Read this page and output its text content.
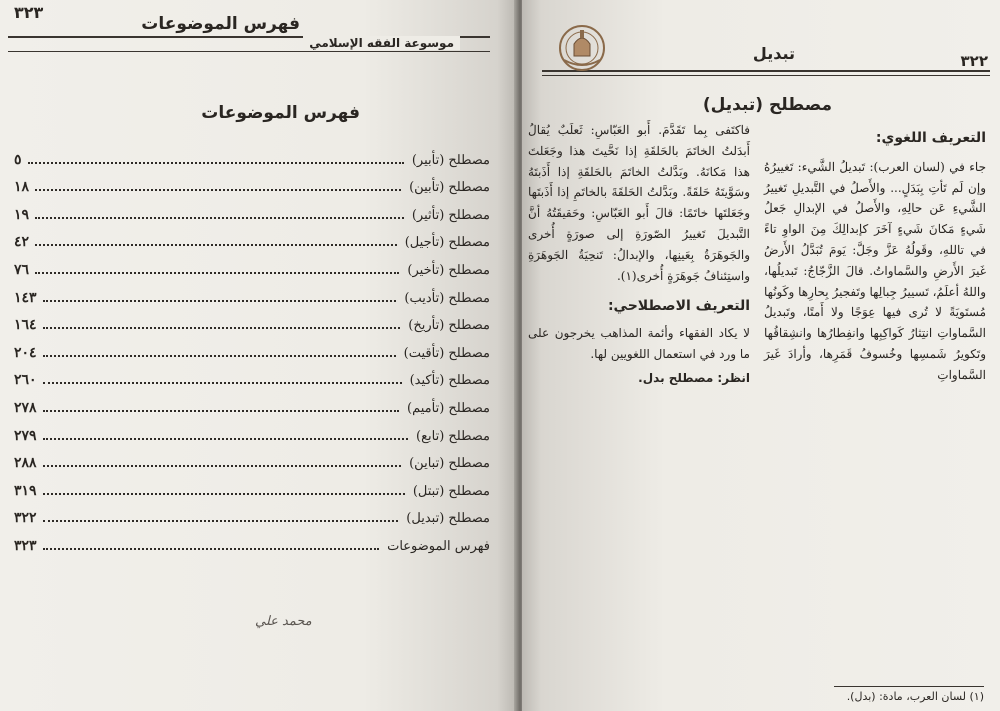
٣٢٣
فهرس الموضوعات
موسوعة الفقه الإسلامي
فهرس الموضوعات
مصطلح (تأبير)
٥
مصطلح (تأبين)
١٨
مصطلح (تأثير)
١٩
مصطلح (تأجيل)
٤٢
مصطلح (تأخير)
٧٦
مصطلح (تأديب)
١٤٣
مصطلح (تأريخ)
١٦٤
مصطلح (تأقيت)
٢٠٤
مصطلح (تأكيد)
٢٦٠
مصطلح (تأميم)
٢٧٨
مصطلح (تابع)
٢٧٩
مصطلح (تباين)
٢٨٨
مصطلح (تبتل)
٣١٩
مصطلح (تبديل)
٣٢٢
فهرس الموضوعات
٣٢٣
محمد علي
٣٢٢
تبديل
مصطلح (تبديل)
التعريف اللغوي:

جاء في (لسان العرب): تَبديلُ الشَّيء: تَغييرُهُ وإن لَم تَأتِ بِبَدَلٍ... والأَصلُ في التَّبديلِ تَغييرُ الشَّيءِ عَن حالِهِ، والأَصلُ في الإبدالِ جَعلُ شَيءٍ مَكانَ شَيءٍ آخَرَ كإبدالِكَ مِنَ الواوِ تاءً في تاللهِ، وقَولُهُ عَزَّ وجَلَّ: يَومَ تُبَدَّلُ الأَرضُ غَيرَ الأَرضِ والسَّماواتُ. قالَ الزَّجّاجُ: تَبديلُها، واللهُ أعلَمُ، تَسييرُ جِبالِها وتَفجيرُ بِحارِها وكَونُها مُستَويَةً لا تُرى فيها عِوَجًا ولا أَمتًا، وتَبديلُ السَّماواتِ انتِثارُ كَواكِبِها وانفِطارُها وانشِقاقُها وتَكويرُ شَمسِها وخُسوفُ قَمَرِها، وأرادَ غَيرَ السَّماواتِ

فاكتَفى بِما تَقَدَّمَ. أَبو العَبّاسِ: ثَعلَبٌ يُقالُ أَبدَلتُ الخاتَمَ بالحَلقَةِ إذا نَحَّيتَ هذا وجَعَلتَ هذا مَكانَهُ. وبَدَّلتُ الخاتَمَ بالحَلقَةِ إذا أَذَبتَهُ وسَوَّيتَهُ حَلقَةً. وبَدَّلتُ الحَلقَةَ بالخاتَمِ إذا أَذَبتَها وجَعَلتَها خاتَمًا: قالَ أَبو العَبّاسِ: وحَقيقَتُهُ أنَّ التَّبديلَ تَغييرُ الصّورَةِ إلى صورَةٍ أُخرى والجَوهَرَةُ بِعَينِها، والإبدالُ: تَنحِيَةُ الجَوهَرَةِ واستِئنافُ جَوهَرَةٍ أُخرى(١).

التعريف الاصطلاحي:

لا يكاد الفقهاء وأئمة المذاهب يخرجون على ما ورد في استعمال اللغويين لها.

انظر: مصطلح بدل.
(١) لسان العرب، مادة: (بدل).
